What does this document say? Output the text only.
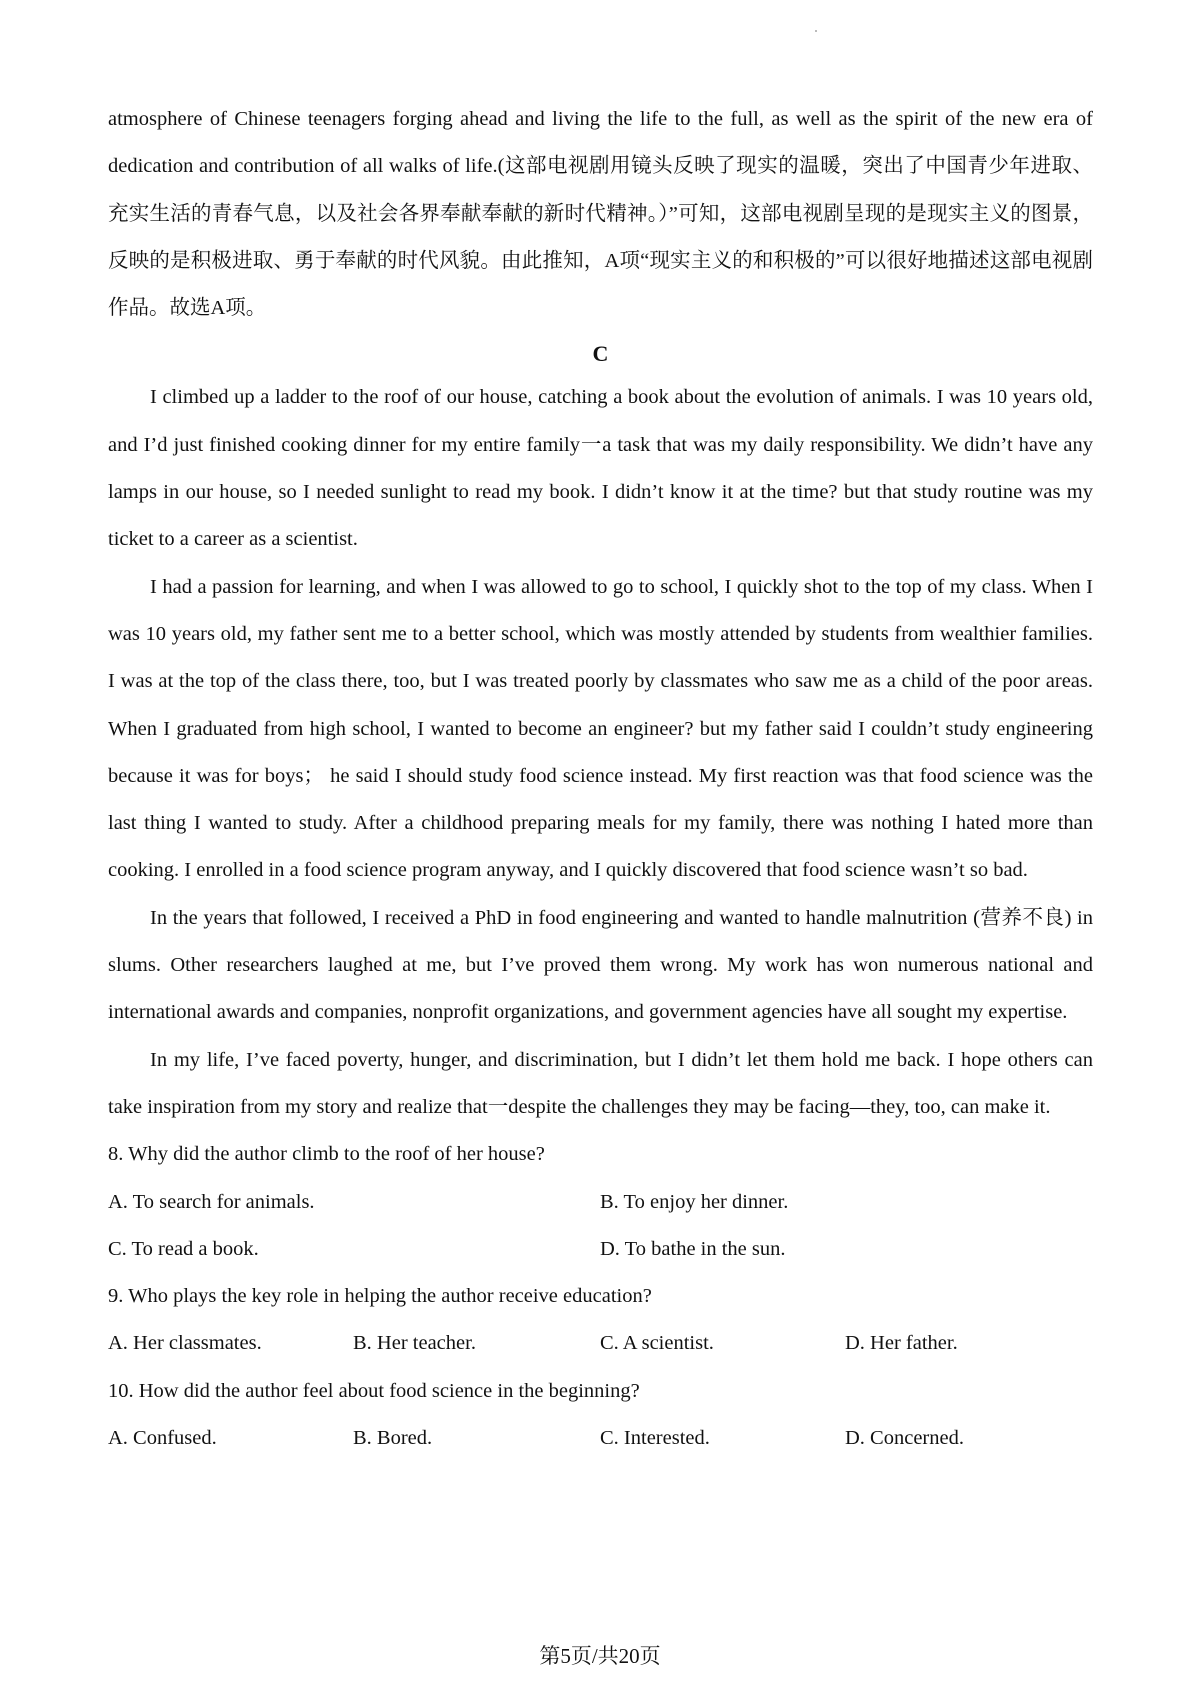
atmosphere of Chinese teenagers forging ahead and living the life to the full, as well as the spirit of the new era of dedication and contribution of all walks of life.(这部电视剧用镜头反映了现实的温暖，突出了中国青少年进取、充实生活的青春气息，以及社会各界奉献奉献的新时代精神。）”可知，这部电视剧呈现的是现实主义的图景，反映的是积极进取、勇于奉献的时代风貌。由此推知，A项“现实主义的和积极的”可以很好地描述这部电视剧作品。故选A项。

C

I climbed up a ladder to the roof of our house, catching a book about the evolution of animals. I was 10 years old, and I’d just finished cooking dinner for my entire family一a task that was my daily responsibility. We didn’t have any lamps in our house, so I needed sunlight to read my book. I didn’t know it at the time? but that study routine was my ticket to a career as a scientist.

I had a passion for learning, and when I was allowed to go to school, I quickly shot to the top of my class. When I was 10 years old, my father sent me to a better school, which was mostly attended by students from wealthier families. I was at the top of the class there, too, but I was treated poorly by classmates who saw me as a child of the poor areas. When I graduated from high school, I wanted to become an engineer? but my father said I couldn’t study engineering because it was for boys； he said I should study food science instead. My first reaction was that food science was the last thing I wanted to study. After a childhood preparing meals for my family, there was nothing I hated more than cooking. I enrolled in a food science program anyway, and I quickly discovered that food science wasn’t so bad.

In the years that followed, I received a PhD in food engineering and wanted to handle malnutrition (营养不良) in slums. Other researchers laughed at me, but I’ve proved them wrong. My work has won numerous national and international awards and companies, nonprofit organizations, and government agencies have all sought my expertise.

In my life, I’ve faced poverty, hunger, and discrimination, but I didn’t let them hold me back. I hope others can take inspiration from my story and realize that一despite the challenges they may be facing—they, too, can make it.

8. Why did the author climb to the roof of her house?

A. To search for animals.	B. To enjoy her dinner.
C. To read a book.	D. To bathe in the sun.

9. Who plays the key role in helping the author receive education?

A. Her classmates.	B. Her teacher.	C. A scientist.	D. Her father.

10. How did the author feel about food science in the beginning?

A. Confused.	B. Bored.	C. Interested.	D. Concerned.
第5页/共20页
